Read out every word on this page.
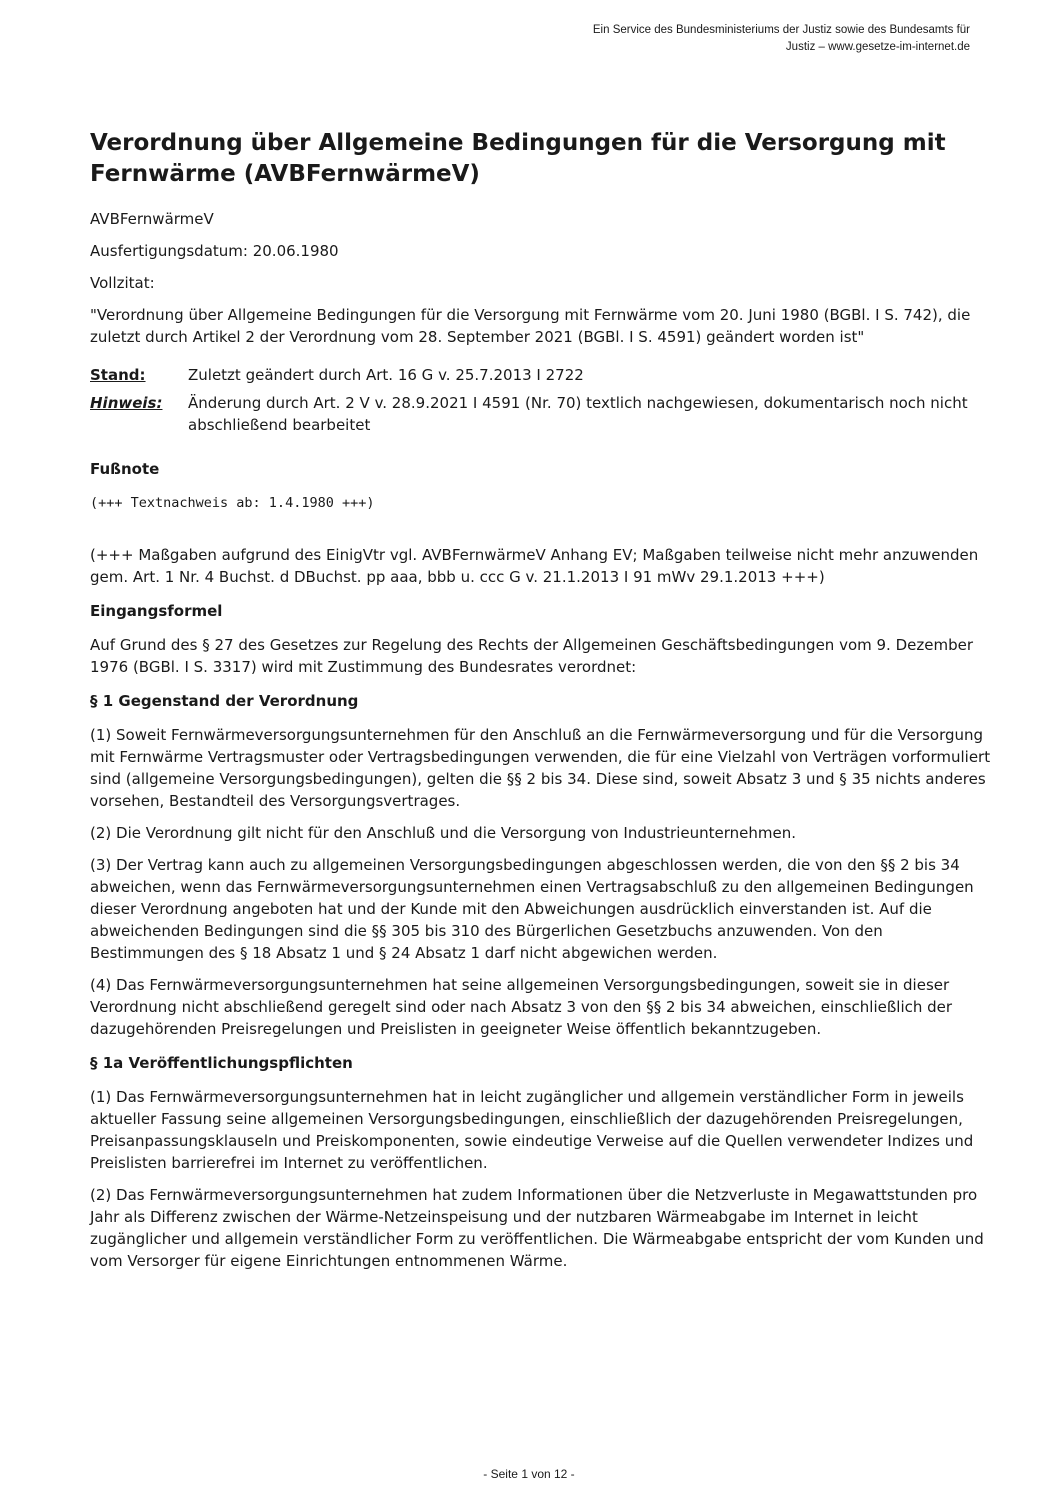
Ein Service des Bundesministeriums der Justiz sowie des Bundesamts für
Justiz – www.gesetze-im-internet.de
Verordnung über Allgemeine Bedingungen für die Versorgung mit Fernwärme (AVBFernwärmeV)

AVBFernwärmeV

Ausfertigungsdatum: 20.06.1980

Vollzitat:

"Verordnung über Allgemeine Bedingungen für die Versorgung mit Fernwärme vom 20. Juni 1980 (BGBl. I S. 742), die zuletzt durch Artikel 2 der Verordnung vom 28. September 2021 (BGBl. I S. 4591) geändert worden ist"

Stand:	Zuletzt geändert durch Art. 16 G v. 25.7.2013 I 2722
Hinweis:	Änderung durch Art. 2 V v. 28.9.2021 I 4591 (Nr. 70) textlich nachgewiesen, dokumentarisch noch nicht abschließend bearbeitet
Fußnote
(+++ Textnachweis ab: 1.4.1980 +++)

(+++ Maßgaben aufgrund des EinigVtr vgl. AVBFernwärmeV Anhang EV; Maßgaben teilweise nicht mehr anzuwenden gem. Art. 1 Nr. 4 Buchst. d DBuchst. pp aaa, bbb u. ccc G v. 21.1.2013 I 91 mWv 29.1.2013 +++)

Eingangsformel

Auf Grund des § 27 des Gesetzes zur Regelung des Rechts der Allgemeinen Geschäftsbedingungen vom 9. Dezember 1976 (BGBl. I S. 3317) wird mit Zustimmung des Bundesrates verordnet:

§ 1 Gegenstand der Verordnung

(1) Soweit Fernwärmeversorgungsunternehmen für den Anschluß an die Fernwärmeversorgung und für die Versorgung mit Fernwärme Vertragsmuster oder Vertragsbedingungen verwenden, die für eine Vielzahl von Verträgen vorformuliert sind (allgemeine Versorgungsbedingungen), gelten die §§ 2 bis 34. Diese sind, soweit Absatz 3 und § 35 nichts anderes vorsehen, Bestandteil des Versorgungsvertrages.

(2) Die Verordnung gilt nicht für den Anschluß und die Versorgung von Industrieunternehmen.

(3) Der Vertrag kann auch zu allgemeinen Versorgungsbedingungen abgeschlossen werden, die von den §§ 2 bis 34 abweichen, wenn das Fernwärmeversorgungsunternehmen einen Vertragsabschluß zu den allgemeinen Bedingungen dieser Verordnung angeboten hat und der Kunde mit den Abweichungen ausdrücklich einverstanden ist. Auf die abweichenden Bedingungen sind die §§ 305 bis 310 des Bürgerlichen Gesetzbuchs anzuwenden. Von den Bestimmungen des § 18 Absatz 1 und § 24 Absatz 1 darf nicht abgewichen werden.

(4) Das Fernwärmeversorgungsunternehmen hat seine allgemeinen Versorgungsbedingungen, soweit sie in dieser Verordnung nicht abschließend geregelt sind oder nach Absatz 3 von den §§ 2 bis 34 abweichen, einschließlich der dazugehörenden Preisregelungen und Preislisten in geeigneter Weise öffentlich bekanntzugeben.

§ 1a Veröffentlichungspflichten

(1) Das Fernwärmeversorgungsunternehmen hat in leicht zugänglicher und allgemein verständlicher Form in jeweils aktueller Fassung seine allgemeinen Versorgungsbedingungen, einschließlich der dazugehörenden Preisregelungen, Preisanpassungsklauseln und Preiskomponenten, sowie eindeutige Verweise auf die Quellen verwendeter Indizes und Preislisten barrierefrei im Internet zu veröffentlichen.

(2) Das Fernwärmeversorgungsunternehmen hat zudem Informationen über die Netzverluste in Megawattstunden pro Jahr als Differenz zwischen der Wärme-Netzeinspeisung und der nutzbaren Wärmeabgabe im Internet in leicht zugänglicher und allgemein verständlicher Form zu veröffentlichen. Die Wärmeabgabe entspricht der vom Kunden und vom Versorger für eigene Einrichtungen entnommenen Wärme.

- Seite 1 von 12 -
